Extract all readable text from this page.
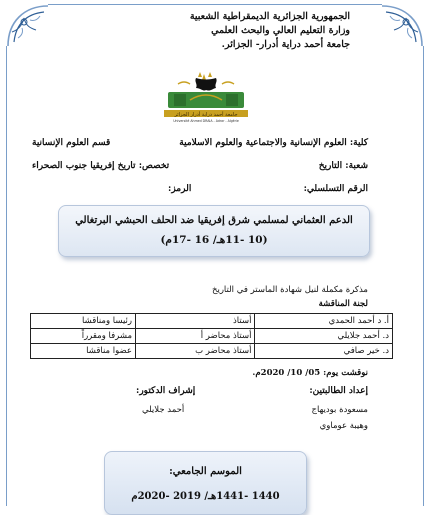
الجمهورية الجزائرية الديمقراطية الشعبية
وزارة التعليم العالي والبحث العلمي
جامعة أحمد دراية أدرار- الجزائر.
جامعة أحمد دراية أدرار الجزائر
Université Ahmed DRAIA - Adrar - Algérie
كلية: العلوم الإنسانية والاجتماعية والعلوم الاسلامية
قسم العلوم الإنسانية
شعبة: التاريخ
تخصص: تاريخ إفريقيا جنوب الصحراء
الرقم التسلسلي:
الرمز:
الدعم العثماني لمسلمي شرق إفريقيا ضد الحلف الحبشي البرتغالي
(10 -11هـ/ 16 -17م)
مذكرة مكملة لنيل شهادة الماستر في التاريخ
لجنة المناقشة
أ. د أحمد الحمدي	أستاذ	رئيسا ومناقشا
د. أحمد جلايلي	أستاذ محاضر أ	مشرفا ومقرراً
د. خير صافي	أستاذ محاضر ب	عضوا مناقشا
نوقشت يوم: 05/ 10/ 2020م.
إعداد الطالبتين:
مسعودة بوديهاج
وهيبة عوماوي
إشراف الدكتور:
أحمد جلايلي
الموسم الجامعي:
1440 -1441هـ/ 2019 -2020م
